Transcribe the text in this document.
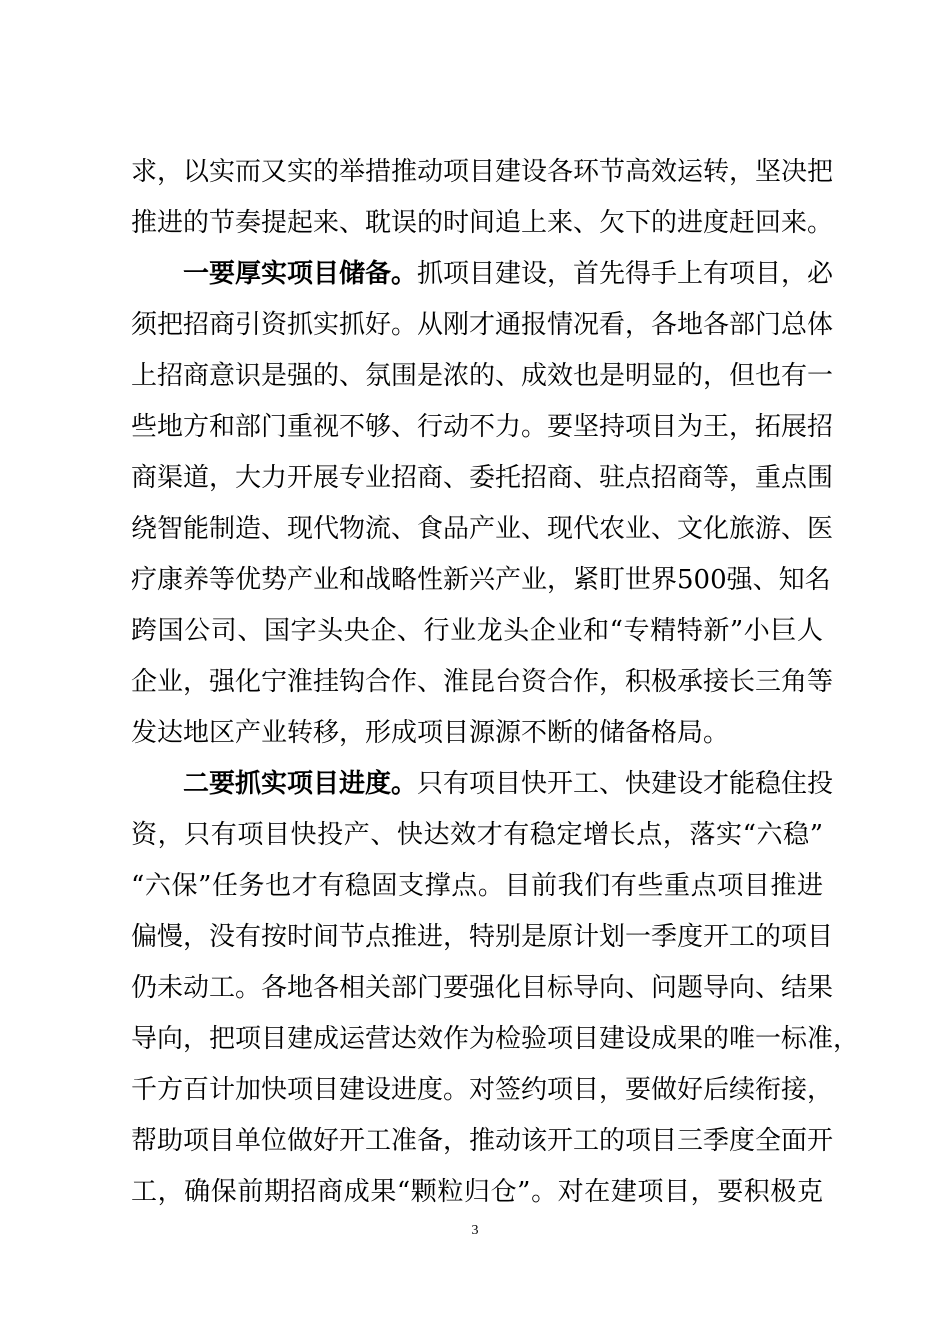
求，以实而又实的举措推动项目建设各环节高效运转，坚决把
推进的节奏提起来、耽误的时间追上来、欠下的进度赶回来。
一要厚实项目储备。抓项目建设，首先得手上有项目，必
须把招商引资抓实抓好。从刚才通报情况看，各地各部门总体
上招商意识是强的、氛围是浓的、成效也是明显的，但也有一
些地方和部门重视不够、行动不力。要坚持项目为王，拓展招
商渠道，大力开展专业招商、委托招商、驻点招商等，重点围
绕智能制造、现代物流、食品产业、现代农业、文化旅游、医
疗康养等优势产业和战略性新兴产业，紧盯世界500强、知名
跨国公司、国字头央企、行业龙头企业和“专精特新”小巨人
企业，强化宁淮挂钩合作、淮昆台资合作，积极承接长三角等
发达地区产业转移，形成项目源源不断的储备格局。
二要抓实项目进度。只有项目快开工、快建设才能稳住投
资，只有项目快投产、快达效才有稳定增长点，落实“六稳”
“六保”任务也才有稳固支撑点。目前我们有些重点项目推进
偏慢，没有按时间节点推进，特别是原计划一季度开工的项目
仍未动工。各地各相关部门要强化目标导向、问题导向、结果
导向，把项目建成运营达效作为检验项目建设成果的唯一标准，
千方百计加快项目建设进度。对签约项目，要做好后续衔接，
帮助项目单位做好开工准备，推动该开工的项目三季度全面开
工，确保前期招商成果“颗粒归仓”。对在建项目，要积极克
3
